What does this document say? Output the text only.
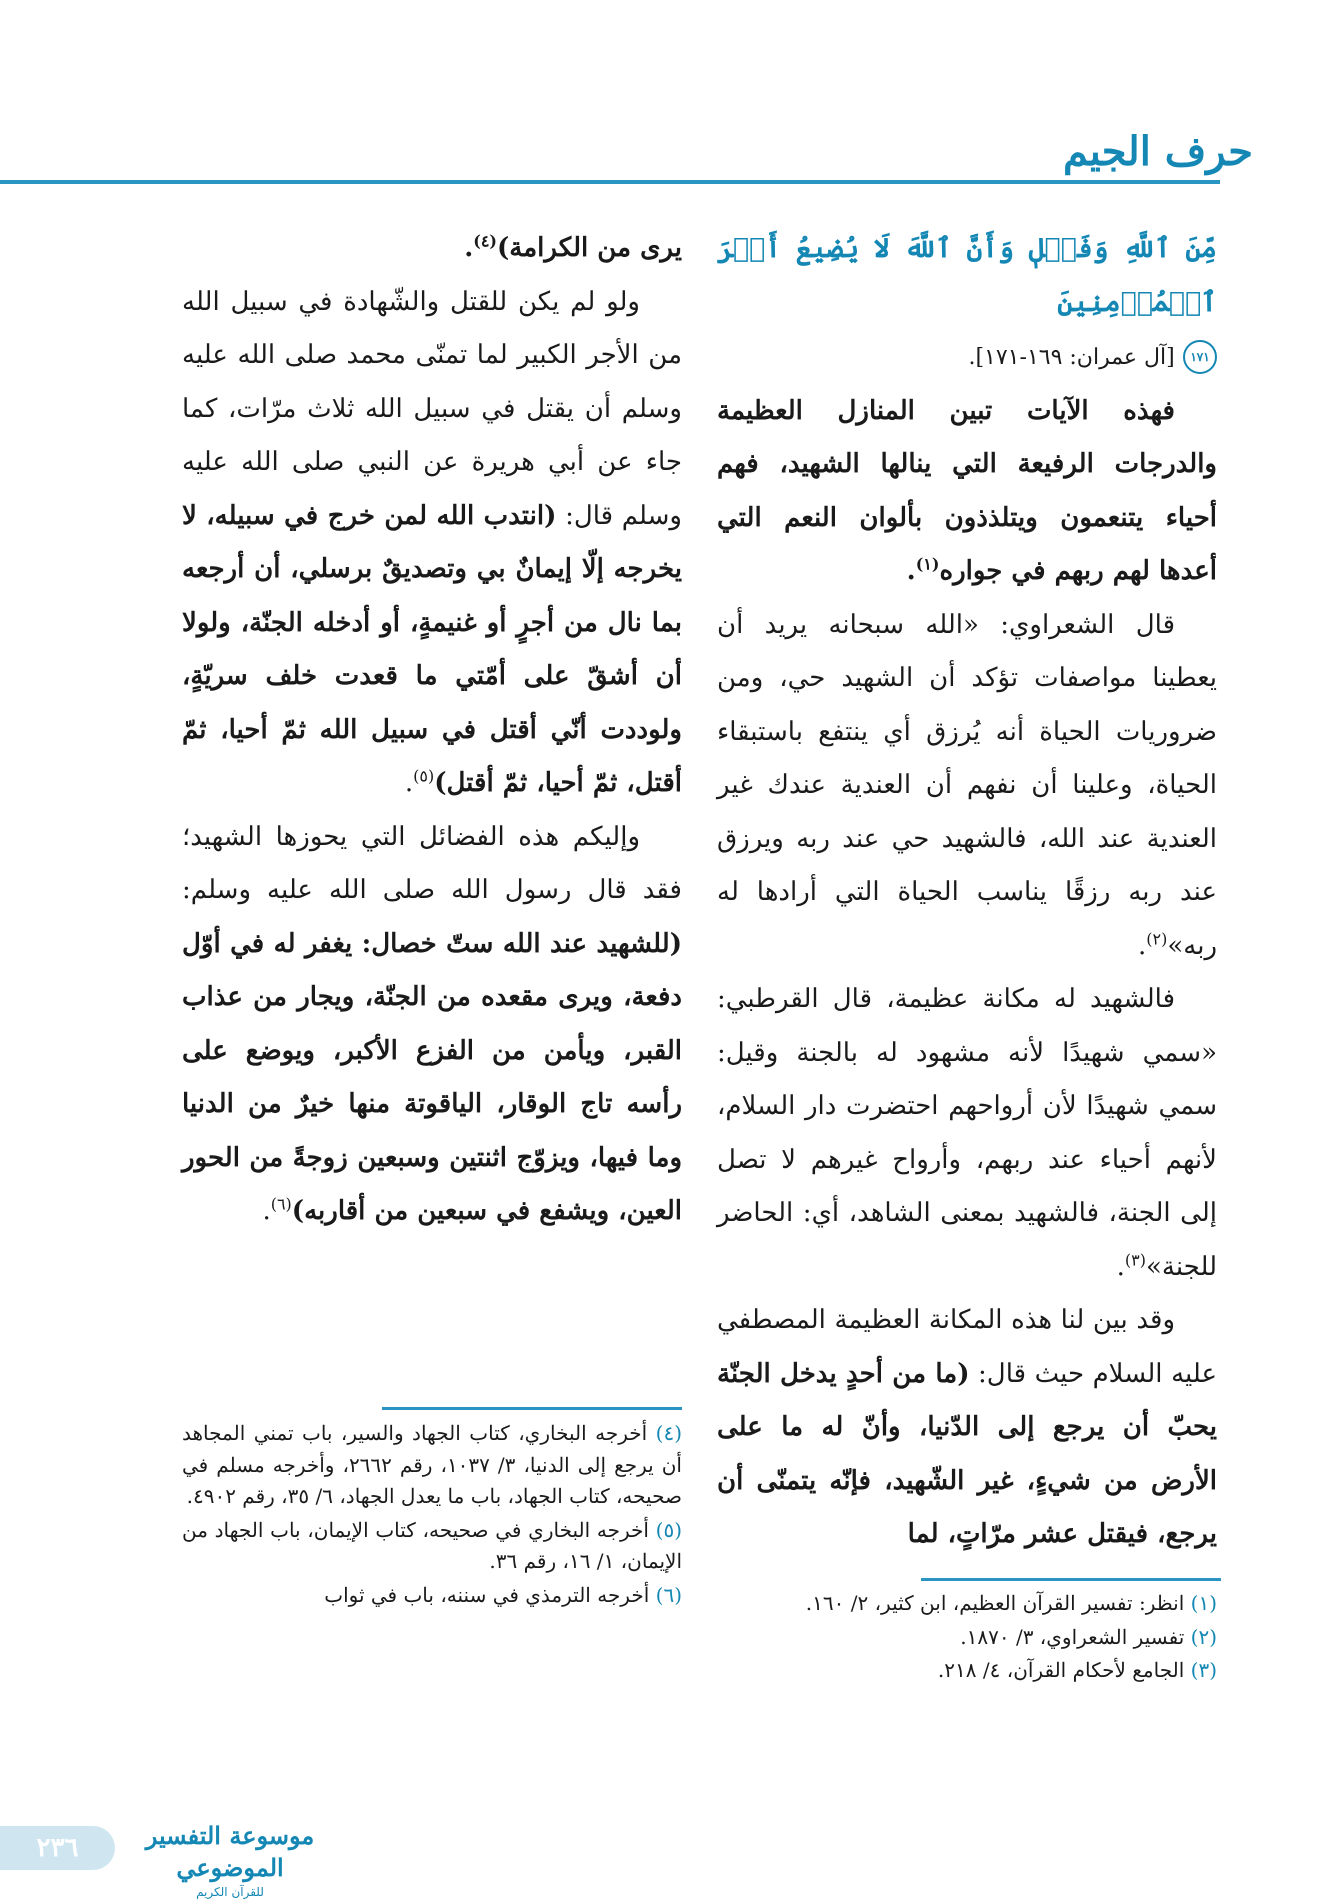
حرف الجيم

مِّنَ ٱللَّهِ وَفَضۡلٖ وَأَنَّ ٱللَّهَ لَا يُضِيعُ أَجۡرَ ٱلۡمُؤۡمِنِينَ

١٧١ [آل عمران: ١٦٩-١٧١].

فهذه الآيات تبين المنازل العظيمة والدرجات الرفيعة التي ينالها الشهيد، فهم أحياء يتنعمون ويتلذذون بألوان النعم التي أعدها لهم ربهم في جواره$^{(١)}$.

قال الشعراوي: «الله سبحانه يريد أن يعطينا مواصفات تؤكد أن الشهيد حي، ومن ضروريات الحياة أنه يُرزق أي ينتفع باستبقاء الحياة، وعلينا أن نفهم أن العندية عندك غير العندية عند الله، فالشهيد حي عند ربه ويرزق عند ربه رزقًا يناسب الحياة التي أرادها له ربه»$^{(٢)}$.

فالشهيد له مكانة عظيمة، قال القرطبي: «سمي شهيدًا لأنه مشهود له بالجنة وقيل: سمي شهيدًا لأن أرواحهم احتضرت دار السلام، لأنهم أحياء عند ربهم، وأرواح غيرهم لا تصل إلى الجنة، فالشهيد بمعنى الشاهد، أي: الحاضر للجنة»$^{(٣)}$.

وقد بين لنا هذه المكانة العظيمة المصطفي عليه السلام حيث قال: (ما من أحدٍ يدخل الجنّة يحبّ أن يرجع إلى الدّنيا، وأنّ له ما على الأرض من شيءٍ، غير الشّهيد، فإنّه يتمنّى أن يرجع، فيقتل عشر مرّاتٍ، لما

يرى من الكرامة)$^{(٤)}$.

ولو لم يكن للقتل والشّهادة في سبيل الله من الأجر الكبير لما تمنّى محمد صلى الله عليه وسلم أن يقتل في سبيل الله ثلاث مرّات، كما جاء عن أبي هريرة عن النبي صلى الله عليه وسلم قال: (انتدب الله لمن خرج في سبيله، لا يخرجه إلّا إيمانٌ بي وتصديقٌ برسلي، أن أرجعه بما نال من أجرٍ أو غنيمةٍ، أو أدخله الجنّة، ولولا أن أشقّ على أمّتي ما قعدت خلف سريّةٍ، ولوددت أنّي أقتل في سبيل الله ثمّ أحيا، ثمّ أقتل، ثمّ أحيا، ثمّ أقتل)$^{(٥)}$.

وإليكم هذه الفضائل التي يحوزها الشهيد؛ فقد قال رسول الله صلى الله عليه وسلم: (للشهيد عند الله ستّ خصال: يغفر له في أوّل دفعة، ويرى مقعده من الجنّة، ويجار من عذاب القبر، ويأمن من الفزع الأكبر، ويوضع على رأسه تاج الوقار، الياقوتة منها خيرٌ من الدنيا وما فيها، ويزوّج اثنتين وسبعين زوجةً من الحور العين، ويشفع في سبعين من أقاربه)$^{(٦)}$.

(١) انظر: تفسير القرآن العظيم، ابن كثير، ٢/ ١٦٠.

(٢) تفسير الشعراوي، ٣/ ١٨٧٠.

(٣) الجامع لأحكام القرآن، ٤/ ٢١٨.

(٤) أخرجه البخاري، كتاب الجهاد والسير، باب تمني المجاهد أن يرجع إلى الدنيا، ٣/ ١٠٣٧، رقم ٢٦٦٢، وأخرجه مسلم في صحيحه، كتاب الجهاد، باب ما يعدل الجهاد، ٦/ ٣٥، رقم ٤٩٠٢.

(٥) أخرجه البخاري في صحيحه، كتاب الإيمان، باب الجهاد من الإيمان، ١/ ١٦، رقم ٣٦.

(٦) أخرجه الترمذي في سننه، باب في ثواب

٢٣٦	موسوعة التفسير الموضوعي
للقرآن الكريم
